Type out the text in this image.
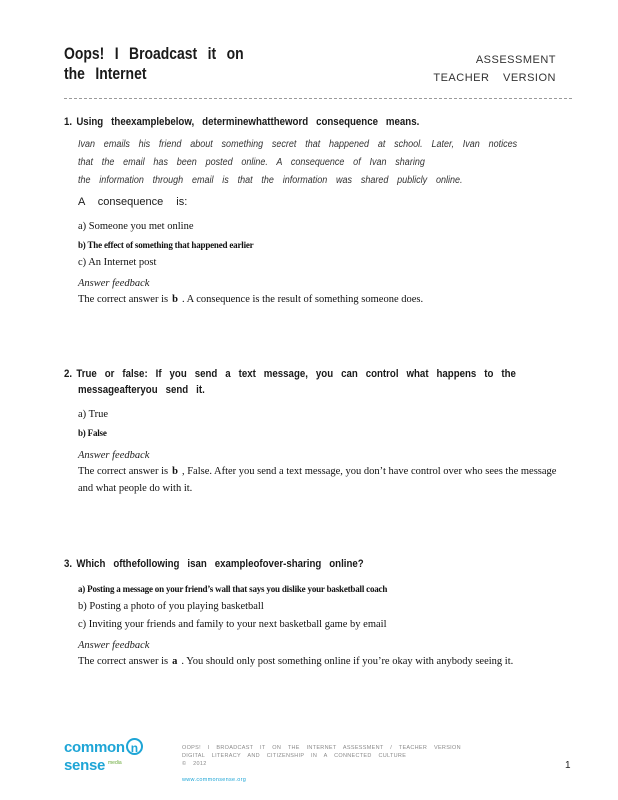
Oops! I Broadcast it on
the Internet
ASSESSMENT
TEACHER VERSION
1. Using theexamplebelow, determinewhattheword consequence means.
Ivan emails his friend about something secret that happened at school. Later, Ivan notices
that the email has been posted online. A consequence of Ivan sharing
the information through email is that the information was shared publicly online.
A consequence is:
a) Someone you met online
b) The effect of something that happened earlier
c) An Internet post
Answer feedback
The correct answer is b . A consequence is the result of something someone does.
2. True or false: If you send a text message, you can control what happens to the
messageafteryou send it.
a) True
b) False
Answer feedback
The correct answer is b , False. After you send a text message, you don’t have control over who sees the message and what people do with it.
3. Which ofthefollowing isan exampleofover-sharing online?
a) Posting a message on your friend’s wall that says you dislike your basketball coach
b) Posting a photo of you playing basketball
c) Inviting your friends and family to your next basketball game by email
Answer feedback
The correct answer is a . You should only post something online if you’re okay with anybody seeing it.
common nsense media
OOPS! I BROADCAST IT ON THE INTERNET ASSESSMENT / TEACHER VERSION
DIGITAL LITERACY AND CITIZENSHIP IN A CONNECTED CULTURE
© 2012

www.commonsense.org
1
